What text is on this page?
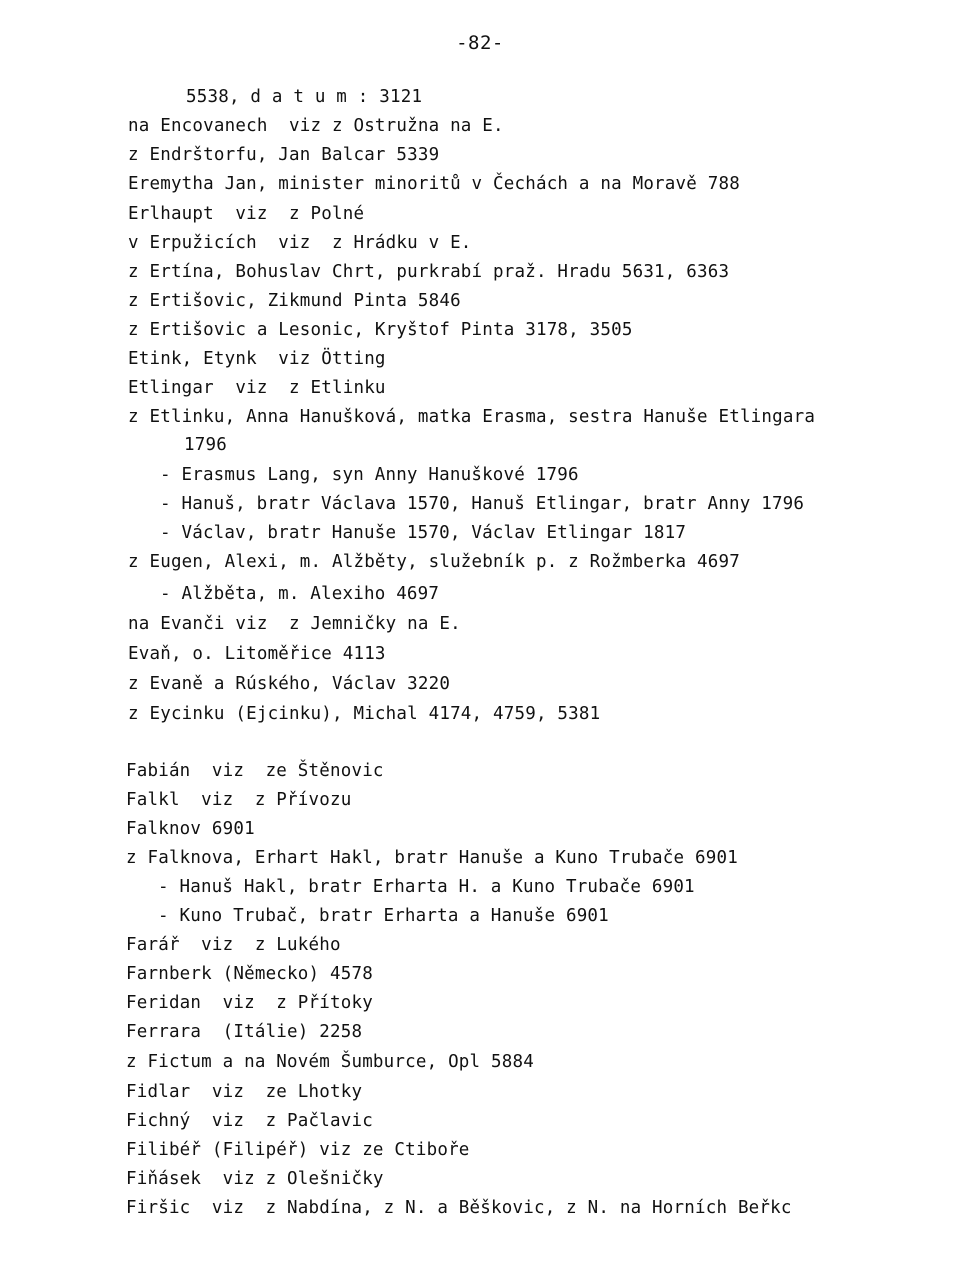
-82-
5538, d a t u m : 3121
na Encovanech  viz z Ostružna na E.
z Endrštorfu, Jan Balcar 5339
Eremytha Jan, minister minoritů v Čechách a na Moravě 788
Erlhaupt  viz  z Polné
v Erpužicích  viz  z Hrádku v E.
z Ertína, Bohuslav Chrt, purkrabí praž. Hradu 5631, 6363
z Ertišovic, Zikmund Pinta 5846
z Ertišovic a Lesonic, Kryštof Pinta 3178, 3505
Etink, Etynk  viz Ötting
Etlingar  viz  z Etlinku
z Etlinku, Anna Hanušková, matka Erasma, sestra Hanuše Etlingara
1796
- Erasmus Lang, syn Anny Hanuškové 1796
- Hanuš, bratr Václava 1570, Hanuš Etlingar, bratr Anny 1796
- Václav, bratr Hanuše 1570, Václav Etlingar 1817
z Eugen, Alexi, m. Alžběty, služebník p. z Rožmberka 4697
- Alžběta, m. Alexiho 4697
na Evanči viz  z Jemničky na E.
Evaň, o. Litoměřice 4113
z Evaně a Rúského, Václav 3220
z Eycinku (Ejcinku), Michal 4174, 4759, 5381
Fabián  viz  ze Štěnovic
Falkl  viz  z Přívozu
Falknov 6901
z Falknova, Erhart Hakl, bratr Hanuše a Kuno Trubače 6901
- Hanuš Hakl, bratr Erharta H. a Kuno Trubače 6901
- Kuno Trubač, bratr Erharta a Hanuše 6901
Farář  viz  z Lukého
Farnberk (Německo) 4578
Feridan  viz  z Přítoky
Ferrara  (Itálie) 2258
z Fictum a na Novém Šumburce, Opl 5884
Fidlar  viz  ze Lhotky
Fichný  viz  z Pačlavic
Filibéř (Filipéř) viz ze Ctiboře
Fiňásek  viz z Olešničky
Firšic  viz  z Nabdína, z N. a Běškovic, z N. na Horních Beřkc
